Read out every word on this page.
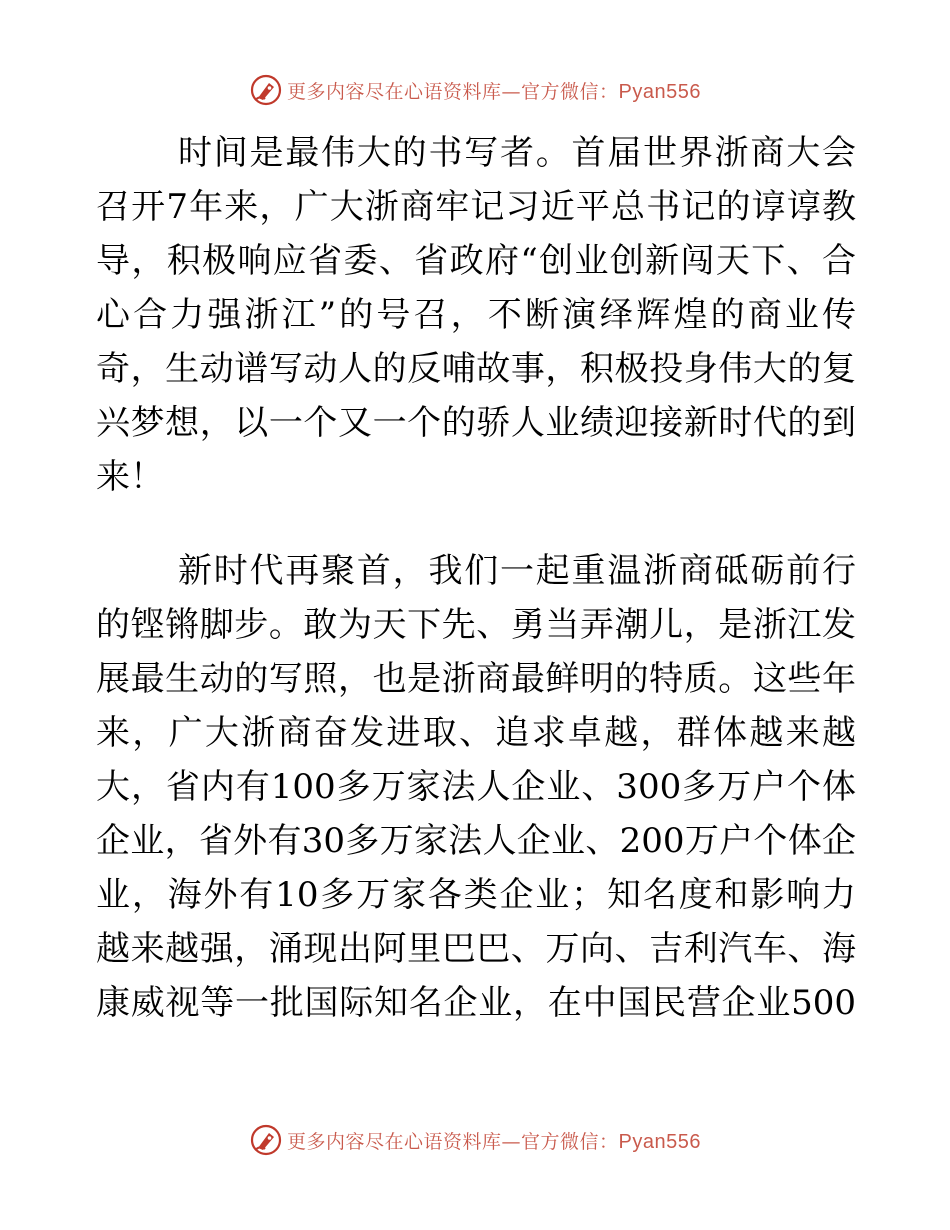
更多内容尽在心语资料库—官方微信：Pyan556
时间是最伟大的书写者。首届世界浙商大会
召开7年来，广大浙商牢记习近平总书记的谆谆教
导，积极响应省委、省政府“创业创新闯天下、合
心合力强浙江”的号召，不断演绎辉煌的商业传
奇，生动谱写动人的反哺故事，积极投身伟大的复
兴梦想，以一个又一个的骄人业绩迎接新时代的到
来！
新时代再聚首，我们一起重温浙商砥砺前行
的铿锵脚步。敢为天下先、勇当弄潮儿，是浙江发
展最生动的写照，也是浙商最鲜明的特质。这些年
来，广大浙商奋发进取、追求卓越，群体越来越
大，省内有100多万家法人企业、300多万户个体
企业，省外有30多万家法人企业、200万户个体企
业，海外有10多万家各类企业；知名度和影响力
越来越强，涌现出阿里巴巴、万向、吉利汽车、海
康威视等一批国际知名企业，在中国民营企业500
更多内容尽在心语资料库—官方微信：Pyan556
